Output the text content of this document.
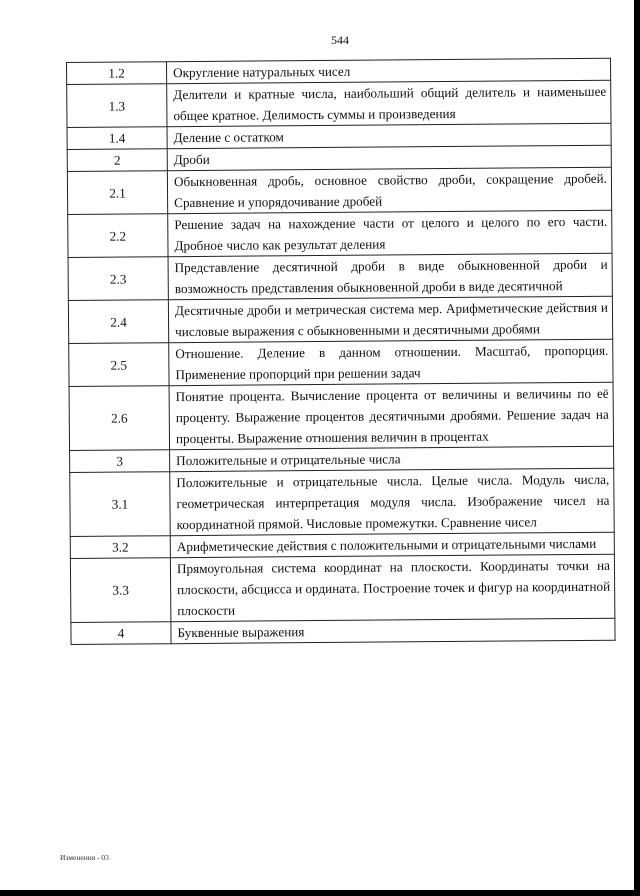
544
1.2	Округление натуральных чисел
1.3	Делители и кратные числа, наибольший общий делитель и наименьшее общее кратное. Делимость суммы и произведения
1.4	Деление с остатком
2	Дроби
2.1	Обыкновенная дробь, основное свойство дроби, сокращение дробей. Сравнение и упорядочивание дробей
2.2	Решение задач на нахождение части от целого и целого по его части. Дробное число как результат деления
2.3	Представление десятичной дроби в виде обыкновенной дроби и возможность представления обыкновенной дроби в виде десятичной
2.4	Десятичные дроби и метрическая система мер. Арифметические действия и числовые выражения с обыкновенными и десятичными дробями
2.5	Отношение. Деление в данном отношении. Масштаб, пропорция. Применение пропорций при решении задач
2.6	Понятие процента. Вычисление процента от величины и величины по её проценту. Выражение процентов десятичными дробями. Решение задач на проценты. Выражение отношения величин в процентах
3	Положительные и отрицательные числа
3.1	Положительные и отрицательные числа. Целые числа. Модуль числа, геометрическая интерпретация модуля числа. Изображение чисел на координатной прямой. Числовые промежутки. Сравнение чисел
3.2	Арифметические действия с положительными и отрицательными числами
3.3	Прямоугольная система координат на плоскости. Координаты точки на плоскости, абсцисса и ордината. Построение точек и фигур на координатной плоскости
4	Буквенные выражения
Изменения - 03
